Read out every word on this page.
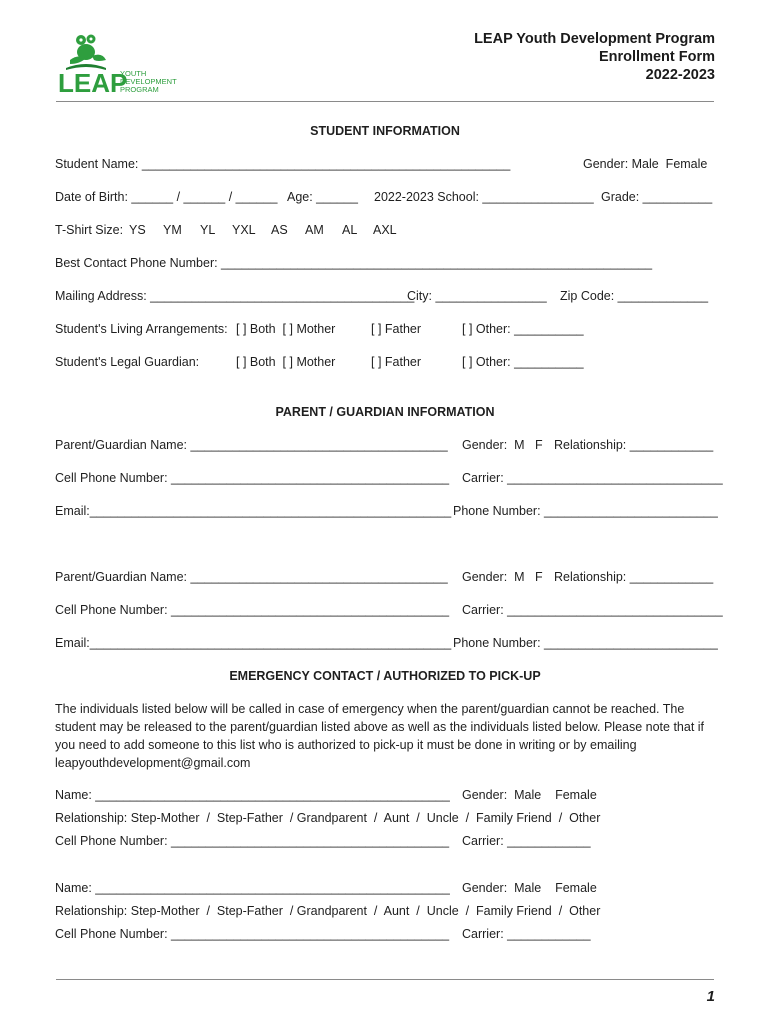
LEAP
YOUTH
DEVELOPMENT
PROGRAM
LEAP Youth Development Program
Enrollment Form
2022-2023
STUDENT INFORMATION
Student Name: _____________________________________________________	Gender: Male  Female
Date of Birth: ______ / ______ / ______ Age: ______ 2022-2023 School: ________________ Grade: __________
T-Shirt Size: YS YM YL YXL AS AM AL AXL
Best Contact Phone Number: ______________________________________________________________
Mailing Address: ______________________________________
City: ________________ Zip Code: _____________
Student's Living Arrangements: [ ] Both  [ ] Mother	[ ] Father	[ ] Other: __________
Student's Legal Guardian:	[ ] Both  [ ] Mother	[ ] Father	[ ] Other: __________
PARENT / GUARDIAN INFORMATION
Parent/Guardian Name: _____________________________________ Gender:  M   F Relationship: ____________
Cell Phone Number: ________________________________________ Carrier: _______________________________
Email:____________________________________________________ Phone Number: _________________________
Parent/Guardian Name: _____________________________________ Gender:  M   F Relationship: ____________
Cell Phone Number: ________________________________________ Carrier: _______________________________
Email:____________________________________________________ Phone Number: _________________________
EMERGENCY CONTACT / AUTHORIZED TO PICK-UP
The individuals listed below will be called in case of emergency when the parent/guardian cannot be reached. The student may be released to the parent/guardian listed above as well as the individuals listed below. Please note that if you need to add someone to this list who is authorized to pick-up it must be done in writing or by emailing leapyouthdevelopment@gmail.com
Name: ___________________________________________________ Gender:  Male    Female
Relationship: Step-Mother  /  Step-Father  / Grandparent  /  Aunt  /  Uncle  /  Family Friend  /  Other
Cell Phone Number: ________________________________________ Carrier: ____________
Name: ___________________________________________________ Gender:  Male    Female
Relationship: Step-Mother  /  Step-Father  / Grandparent  /  Aunt  /  Uncle  /  Family Friend  /  Other
Cell Phone Number: ________________________________________ Carrier: ____________
1
